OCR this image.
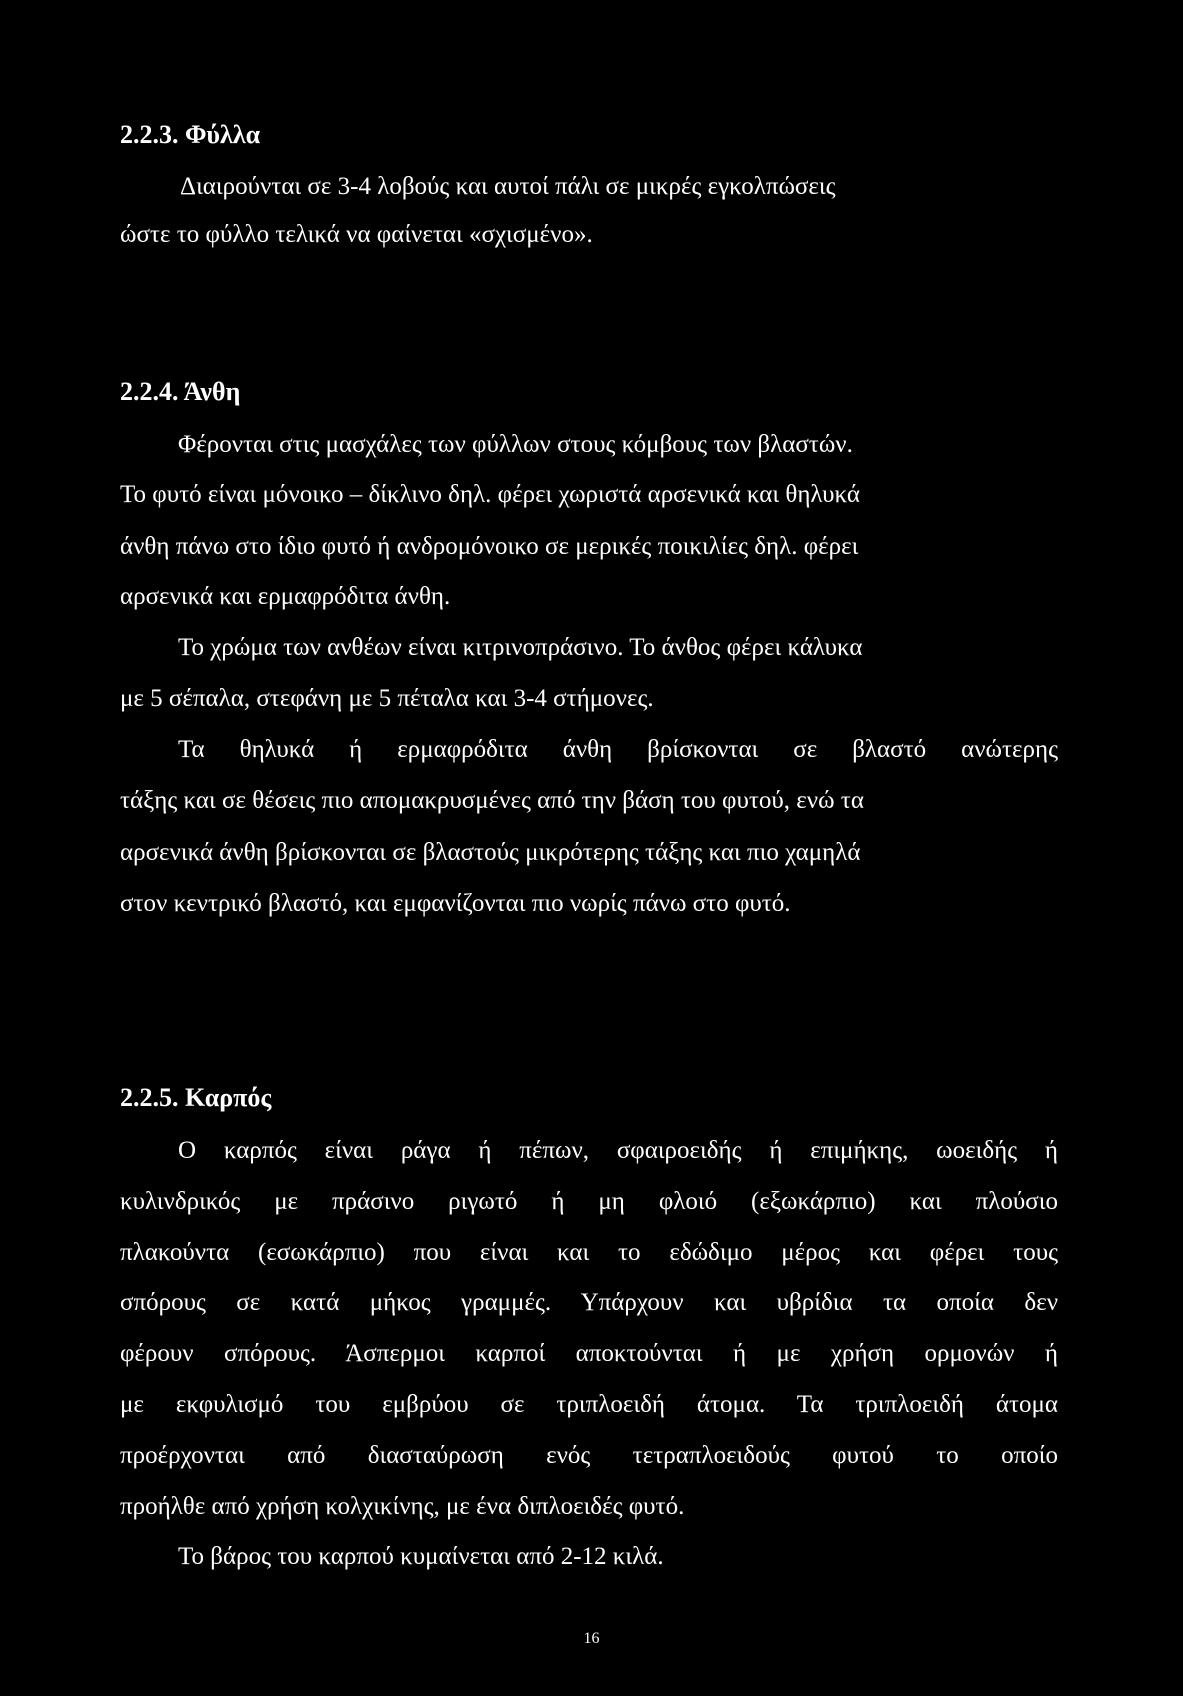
2.2.3. Φύλλα
Διαιρούνται σε 3-4 λοβούς και αυτοί πάλι σε μικρές εγκολπώσεις
ώστε το φύλλο τελικά να φαίνεται «σχισμένο».
2.2.4. Άνθη
Φέρονται στις μασχάλες των φύλλων στους κόμβους των βλαστών.
Το φυτό είναι μόνοικο – δίκλινο δηλ. φέρει χωριστά αρσενικά και θηλυκά
άνθη πάνω στο ίδιο φυτό ή ανδρομόνοικο σε μερικές ποικιλίες δηλ. φέρει
αρσενικά και ερμαφρόδιτα άνθη.
Το χρώμα των ανθέων είναι κιτρινοπράσινο. Το άνθος φέρει κάλυκα
με 5 σέπαλα, στεφάνη με 5 πέταλα και 3-4 στήμονες.
Τα θηλυκά ή ερμαφρόδιτα άνθη βρίσκονται σε βλαστό ανώτερης
τάξης και σε θέσεις πιο απομακρυσμένες από την βάση του φυτού, ενώ τα
αρσενικά άνθη βρίσκονται σε βλαστούς μικρότερης τάξης και πιο χαμηλά
στον κεντρικό βλαστό, και εμφανίζονται πιο νωρίς πάνω στο φυτό.
2.2.5. Καρπός
Ο καρπός είναι ράγα ή πέπων, σφαιροειδής ή επιμήκης, ωοειδής ή
κυλινδρικός με πράσινο ριγωτό ή μη φλοιό (εξωκάρπιο) και πλούσιο
πλακούντα (εσωκάρπιο) που είναι και το εδώδιμο μέρος και φέρει τους
σπόρους σε κατά μήκος γραμμές. Υπάρχουν και υβρίδια τα οποία δεν
φέρουν σπόρους. Άσπερμοι καρποί αποκτούνται ή με χρήση ορμονών ή
με εκφυλισμό του εμβρύου σε τριπλοειδή άτομα. Τα τριπλοειδή άτομα
προέρχονται από διασταύρωση ενός τετραπλοειδούς φυτού το οποίο
προήλθε από χρήση κολχικίνης, με ένα διπλοειδές φυτό.
Το βάρος του καρπού κυμαίνεται από 2-12 κιλά.
16
